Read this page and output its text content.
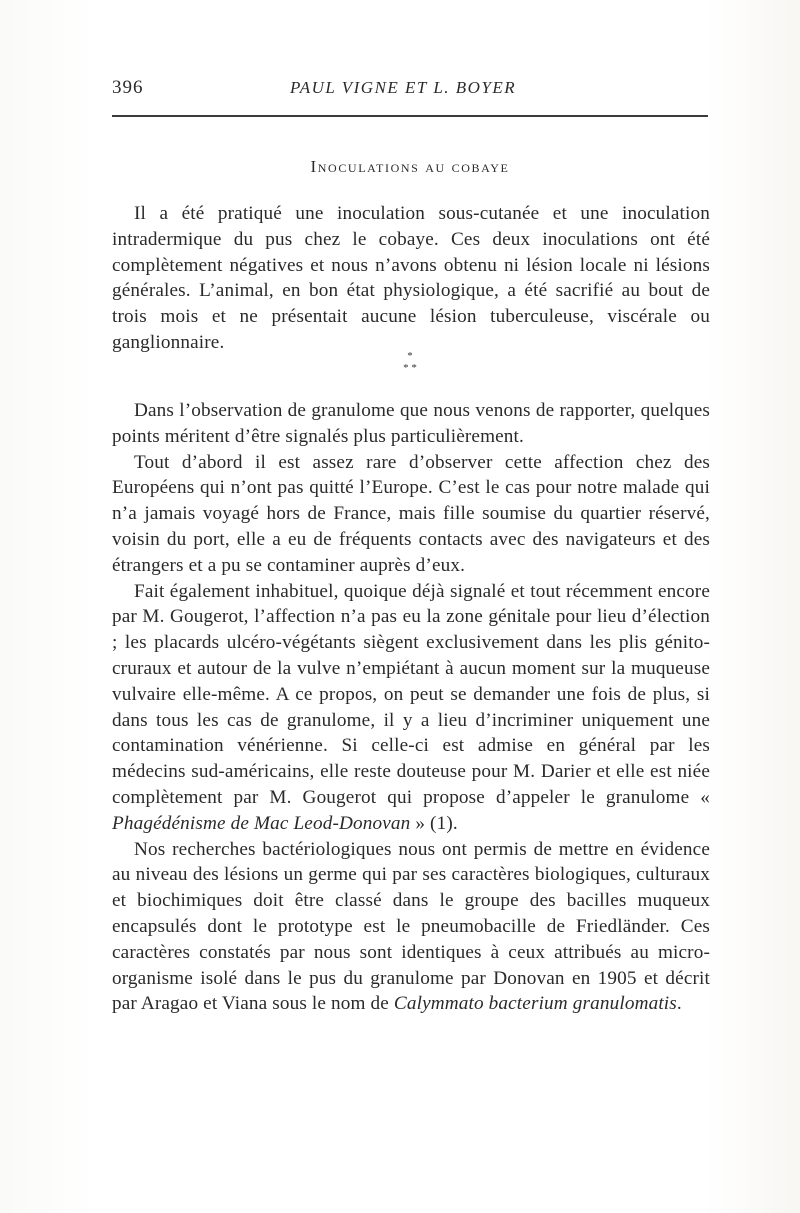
396	PAUL VIGNE ET L. BOYER
Inoculations au cobaye

Il a été pratiqué une inoculation sous-cutanée et une inoculation intradermique du pus chez le cobaye. Ces deux inoculations ont été complètement négatives et nous n’avons obtenu ni lésion locale ni lésions générales. L’animal, en bon état physiologique, a été sacrifié au bout de trois mois et ne présentait aucune lésion tuberculeuse, viscérale ou ganglionnaire.

*
* *

Dans l’observation de granulome que nous venons de rapporter, quelques points méritent d’être signalés plus particulièrement.

Tout d’abord il est assez rare d’observer cette affection chez des Européens qui n’ont pas quitté l’Europe. C’est le cas pour notre malade qui n’a jamais voyagé hors de France, mais fille soumise du quartier réservé, voisin du port, elle a eu de fréquents contacts avec des navigateurs et des étrangers et a pu se contaminer auprès d’eux.

Fait également inhabituel, quoique déjà signalé et tout récemment encore par M. Gougerot, l’affection n’a pas eu la zone génitale pour lieu d’élection ; les placards ulcéro-végétants siègent exclusivement dans les plis génito-cruraux et autour de la vulve n’empiétant à aucun moment sur la muqueuse vulvaire elle-même. A ce propos, on peut se demander une fois de plus, si dans tous les cas de granulome, il y a lieu d’incriminer uniquement une contamination vénérienne. Si celle-ci est admise en général par les médecins sud-américains, elle reste douteuse pour M. Darier et elle est niée complètement par M. Gougerot qui propose d’appeler le granulome « Phagédénisme de Mac Leod-Donovan » (1).

Nos recherches bactériologiques nous ont permis de mettre en évidence au niveau des lésions un germe qui par ses caractères biologiques, culturaux et biochimiques doit être classé dans le groupe des bacilles muqueux encapsulés dont le prototype est le pneumobacille de Friedländer. Ces caractères constatés par nous sont identiques à ceux attribués au micro-organisme isolé dans le pus du granulome par Donovan en 1905 et décrit par Aragao et Viana sous le nom de Calymmato bacterium granulomatis.
